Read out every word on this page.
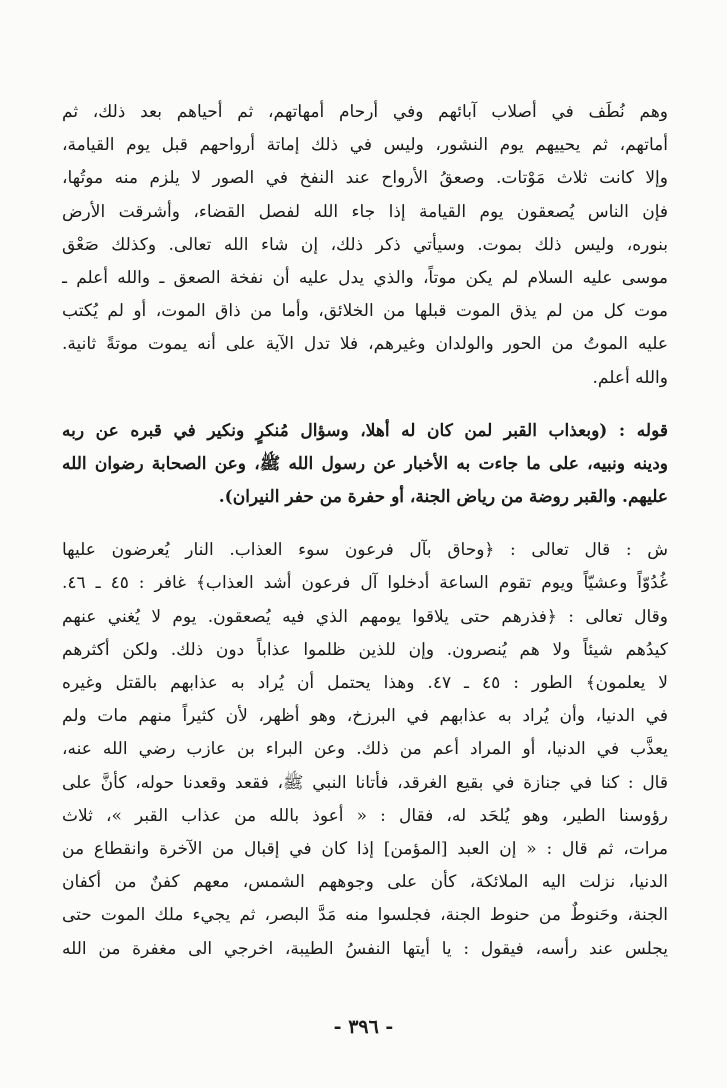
وهم نُطَف في أصلاب آبائهم وفي أرحام أمهاتهم، ثم أحياهم بعد ذلك، ثم
أماتهم، ثم يحييهم يوم النشور، وليس في ذلك إماتة أرواحهم قبل يوم القيامة،
وإلا كانت ثلاث مَوْتات. وصعقُ الأرواح عند النفخ في الصور لا يلزم منه موتُها،
فإن الناس يُصعقون يوم القيامة إذا جاء الله لفصل القضاء، وأشرقت الأرض
بنوره، وليس ذلك بموت. وسيأتي ذكر ذلك، إن شاء الله تعالى. وكذلك صَعْق
موسى عليه السلام لم يكن موتاً، والذي يدل عليه أن نفخة الصعق ـ والله أعلم ـ
موت كل من لم يذق الموت قبلها من الخلائق، وأما من ذاق الموت، أو لم يُكتب
عليه الموتُ من الحور والولدان وغيرهم، فلا تدل الآية على أنه يموت موتةً ثانية.
والله أعلم.
قوله : (وبعذاب القبر لمن كان له أهلا، وسؤال مُنكرٍ ونكير في قبره عن ربه
ودينه ونبيه، على ما جاءت به الأخبار عن رسول الله ﷺ، وعن الصحابة رضوان الله
عليهم. والقبر روضة من رياض الجنة، أو حفرة من حفر النيران).
ش : قال تعالى : ﴿وحاق بآل فرعون سوء العذاب. النار يُعرضون عليها
غُدُوّاً وعشيّاً ويوم تقوم الساعة أدخلوا آل فرعون أشد العذاب﴾ غافر : ٤٥ ـ ٤٦.
وقال تعالى : ﴿فذرهم حتى يلاقوا يومهم الذي فيه يُصعقون. يوم لا يُغني عنهم
كيدُهم شيئاً ولا هم يُنصرون. وإن للذين ظلموا عذاباً دون ذلك. ولكن أكثرهم
لا يعلمون﴾ الطور : ٤٥ ـ ٤٧. وهذا يحتمل أن يُراد به عذابهم بالقتل وغيره
في الدنيا، وأن يُراد به عذابهم في البرزخ، وهو أظهر، لأن كثيراً منهم مات ولم
يعذَّب في الدنيا، أو المراد أعم من ذلك. وعن البراء بن عازب رضي الله عنه،
قال : كنا في جنازة في بقيع الغرقد، فأتانا النبي ﷺ، فقعد وقعدنا حوله، كأنَّ على
رؤوسنا الطير، وهو يُلحَد له، فقال : « أعوذ بالله من عذاب القبر »، ثلاث
مرات، ثم قال : « إن العبد [المؤمن] إذا كان في إقبال من الآخرة وانقطاع من
الدنيا، نزلت اليه الملائكة، كأن على وجوههم الشمس، معهم كفنٌ من أكفان
الجنة، وحَنوطٌ من حنوط الجنة، فجلسوا منه مَدَّ البصر، ثم يجيء ملك الموت حتى
يجلس عند رأسه، فيقول : يا أيتها النفسُ الطيبة، اخرجي الى مغفرة من الله
- ٣٩٦ -
